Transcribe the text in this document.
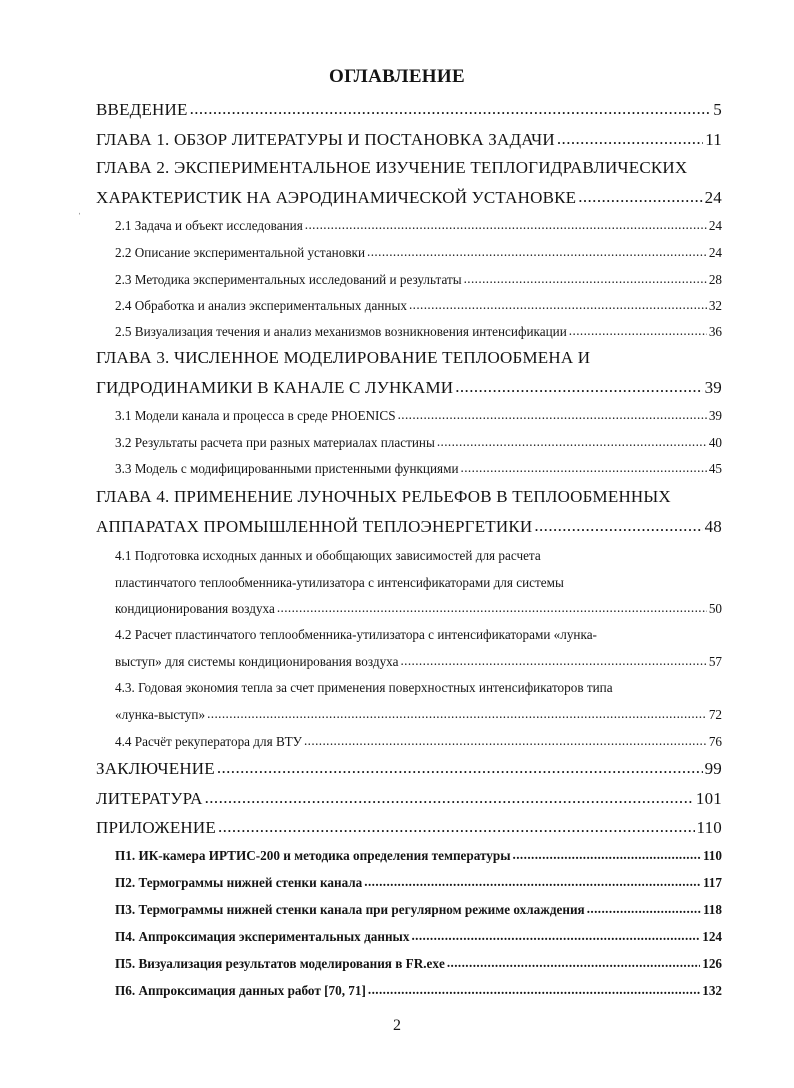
ОГЛАВЛЕНИЕ
ˌ
ВВЕДЕНИЕ .....	5
ГЛАВА 1. ОБЗОР ЛИТЕРАТУРЫ И ПОСТАНОВКА ЗАДАЧИ .....	11
ГЛАВА 2. ЭКСПЕРИМЕНТАЛЬНОЕ ИЗУЧЕНИЕ ТЕПЛОГИДРАВЛИЧЕСКИХ
ХАРАКТЕРИСТИК НА АЭРОДИНАМИЧЕСКОЙ УСТАНОВКЕ .....	24
2.1 Задача и объект исследования .....	24
2.2 Описание экспериментальной установки .....	24
2.3 Методика экспериментальных исследований и результаты .....	28
2.4 Обработка и анализ экспериментальных данных .....	32
2.5 Визуализация течения и анализ механизмов возникновения интенсификации .....	36
ГЛАВА 3. ЧИСЛЕННОЕ МОДЕЛИРОВАНИЕ ТЕПЛООБМЕНА И
ГИДРОДИНАМИКИ В КАНАЛЕ С ЛУНКАМИ .....	39
3.1 Модели канала и процесса в среде PHOENICS .....	39
3.2 Результаты расчета при разных материалах пластины .....	40
3.3 Модель с модифицированными пристенными функциями .....	45
ГЛАВА 4. ПРИМЕНЕНИЕ ЛУНОЧНЫХ РЕЛЬЕФОВ В ТЕПЛООБМЕННЫХ
АППАРАТАХ ПРОМЫШЛЕННОЙ ТЕПЛОЭНЕРГЕТИКИ .....	48
4.1 Подготовка исходных данных и обобщающих зависимостей для расчета
пластинчатого теплообменника-утилизатора с интенсификаторами для системы
кондиционирования воздуха .....	50
4.2 Расчет пластинчатого теплообменника-утилизатора с интенсификаторами «лунка-
выступ» для системы кондиционирования воздуха .....	57
4.3. Годовая экономия тепла за счет применения поверхностных интенсификаторов типа
«лунка-выступ» .....	72
4.4 Расчёт рекуператора для ВТУ .....	76
ЗАКЛЮЧЕНИЕ .....	99
ЛИТЕРАТУРА .....	101
ПРИЛОЖЕНИЕ .....	110
П1. ИК-камера ИРТИС-200 и методика определения температуры .....	110
П2. Термограммы нижней стенки канала .....	117
П3. Термограммы нижней стенки канала при регулярном режиме охлаждения .....	118
П4. Аппроксимация экспериментальных данных .....	124
П5. Визуализация результатов моделирования в FR.exe .....	126
П6. Аппроксимация данных работ [70, 71] .....	132
2
